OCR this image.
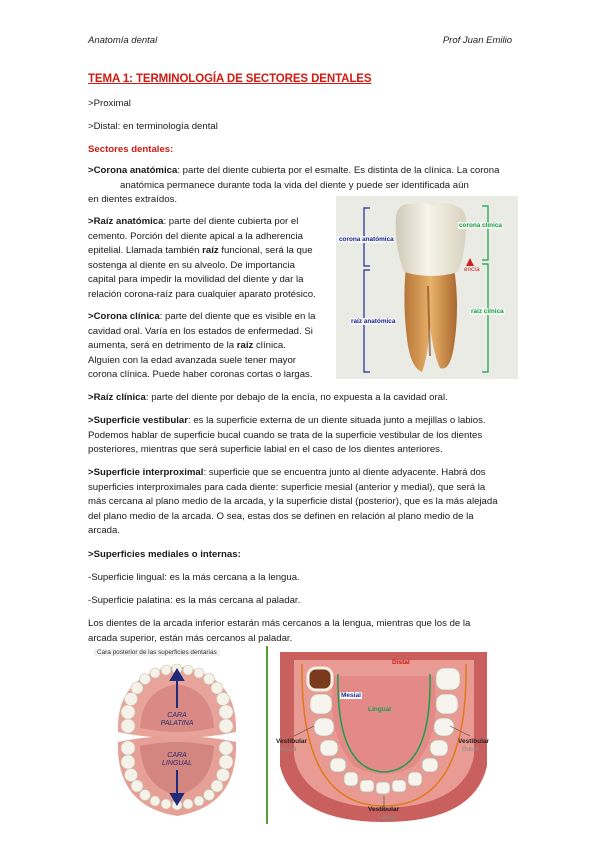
Anatomía dental	Prof Juan Emilio
TEMA 1: TERMINOLOGÍA DE SECTORES DENTALES
>Proximal
>Distal: en terminología dental
Sectores dentales:
>Corona anatómica: parte del diente cubierta por el esmalte. Es distinta de la clínica. La corona
anatómica permanece durante toda la vida del diente y puede ser identificada aún
en dientes extraídos.
>Raíz anatómica: parte del diente cubierta por el
cemento. Porción del diente apical a la adherencia
epitelial. Llamada también raíz funcional, será la que
sostenga al diente en su alveolo. De importancia
capital para impedir la movilidad del diente y dar la
relación corona-raíz para cualquier aparato protésico.
>Corona clínica: parte del diente que es visible en la
cavidad oral. Varía en los estados de enfermedad. Si
aumenta, será en detrimento de la raíz clínica.
Alguien con la edad avanzada suele tener mayor
corona clínica. Puede haber coronas cortas o largas.
corona anatómica
corona clínica
encía
raíz anatómica
raíz clínica
>Raíz clínica: parte del diente por debajo de la encía, no expuesta a la cavidad oral.
>Superficie vestibular: es la superficie externa de un diente situada junto a mejillas o labios.
Podemos hablar de superficie bucal cuando se trata de la superficie vestibular de los dientes
posteriores, mientras que será superficie labial en el caso de los dientes anteriores.
>Superficie interproximal: superficie que se encuentra junto al diente adyacente. Habrá dos
superficies interproximales para cada diente: superficie mesial (anterior y medial), que será la
más cercana al plano medio de la arcada, y la superficie distal (posterior), que es la más alejada
del plano medio de la arcada. O sea, estas dos se definen en relación al plano medio de la
arcada.
>Superficies mediales o internas:
-Superficie lingual: es la más cercana a la lengua.
-Superficie palatina: es la más cercana al paladar.
Los dientes de la arcada inferior estarán más cercanos a la lengua, mientras que los de la
arcada superior, están más cercanos al paladar.
Cara posterior de las superficies dentarias
CARA
PALATINA
CARA
LINGUAL
Distal
Mesial
Lingual
Vestibular
Bucal
Vestibular
Bucal
Vestibular
Labial
